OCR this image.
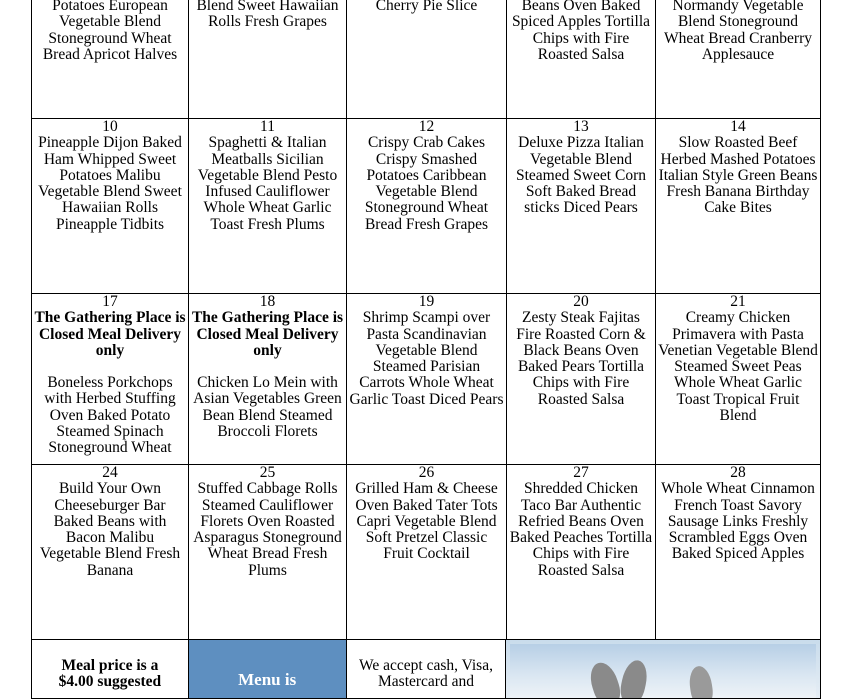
Potatoes European Vegetable Blend Stoneground Wheat Bread Apricot Halves
Blend Sweet Hawaiian Rolls Fresh Grapes
Cherry Pie Slice	Beans Oven Baked Spiced Apples Tortilla Chips with Fire Roasted Salsa
Normandy Vegetable Blend Stoneground Wheat Bread Cranberry Applesauce
10
Pineapple Dijon Baked Ham Whipped Sweet Potatoes Malibu Vegetable Blend Sweet Hawaiian Rolls Pineapple Tidbits
11
Spaghetti & Italian Meatballs Sicilian Vegetable Blend Pesto Infused Cauliflower Whole Wheat Garlic Toast Fresh Plums
12
Crispy Crab Cakes Crispy Smashed Potatoes Caribbean Vegetable Blend Stoneground Wheat Bread Fresh Grapes
13
Deluxe Pizza Italian Vegetable Blend Steamed Sweet Corn Soft Baked Bread sticks Diced Pears
14
Slow Roasted Beef Herbed Mashed Potatoes Italian Style Green Beans Fresh Banana Birthday Cake Bites
17
The Gathering Place is Closed Meal Delivery only
Boneless Porkchops with Herbed Stuffing Oven Baked Potato Steamed Spinach Stoneground Wheat
18
The Gathering Place is Closed Meal Delivery only
Chicken Lo Mein with Asian Vegetables Green Bean Blend Steamed Broccoli Florets
19
Shrimp Scampi over Pasta Scandinavian Vegetable Blend Steamed Parisian Carrots Whole Wheat Garlic Toast Diced Pears
20
Zesty Steak Fajitas Fire Roasted Corn & Black Beans Oven Baked Pears Tortilla Chips with Fire Roasted Salsa
21
Creamy Chicken Primavera with Pasta Venetian Vegetable Blend Steamed Sweet Peas Whole Wheat Garlic Toast Tropical Fruit Blend
24
Build Your Own Cheeseburger Bar Baked Beans with Bacon Malibu Vegetable Blend Fresh Banana
25
Stuffed Cabbage Rolls Steamed Cauliflower Florets Oven Roasted Asparagus Stoneground Wheat Bread Fresh Plums
26
Grilled Ham & Cheese Oven Baked Tater Tots Capri Vegetable Blend Soft Pretzel Classic Fruit Cocktail
27
Shredded Chicken Taco Bar Authentic Refried Beans Oven Baked Peaches Tortilla Chips with Fire Roasted Salsa
28
Whole Wheat Cinnamon French Toast Savory Sausage Links Freshly Scrambled Eggs Oven Baked Spiced Apples
Meal price is a $4.00 suggested	Menu is
We accept cash, Visa, Mastercard and
